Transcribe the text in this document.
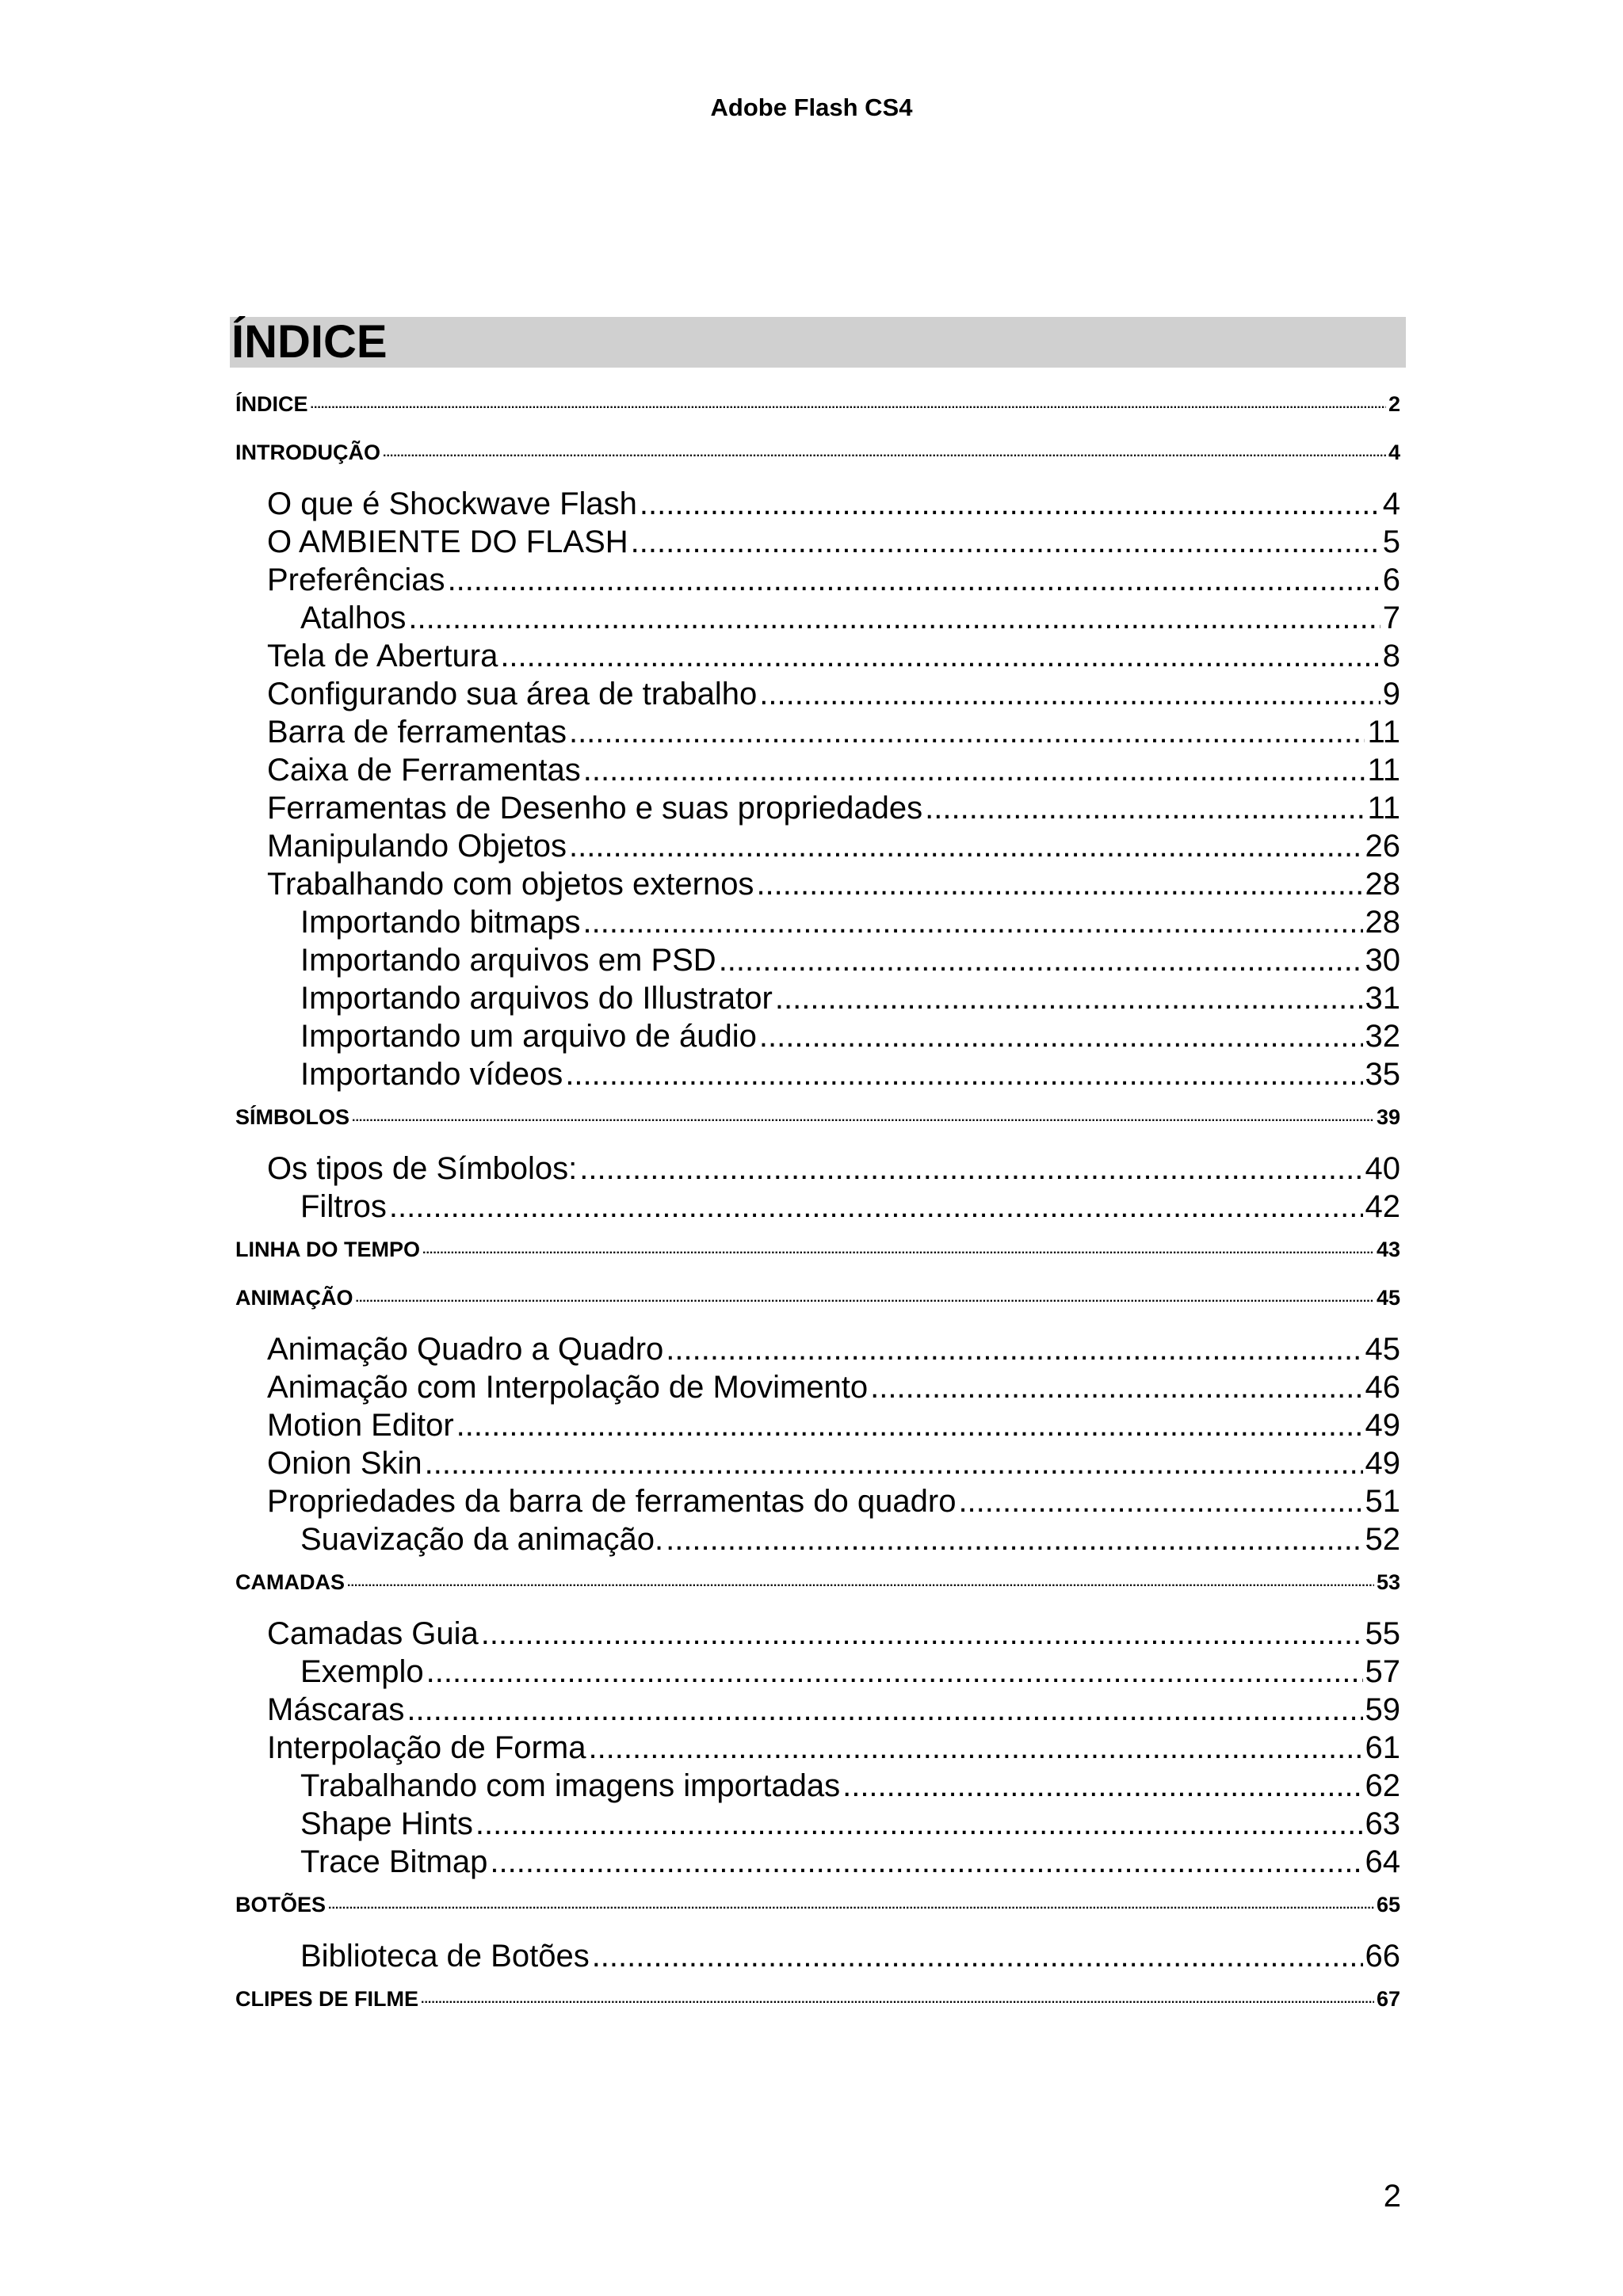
Adobe Flash CS4
ÍNDICE
ÍNDICE .....	2
INTRODUÇÃO .....	4
O que é Shockwave Flash .....	4
O AMBIENTE DO FLASH .....	5
Preferências .....	6
Atalhos .....	7
Tela de Abertura .....	8
Configurando sua área de trabalho .....	9
Barra de ferramentas .....	11
Caixa de Ferramentas .....	11
Ferramentas de Desenho e suas propriedades .....	11
Manipulando Objetos .....	26
Trabalhando com objetos externos .....	28
Importando bitmaps .....	28
Importando arquivos em PSD .....	30
Importando arquivos do Illustrator .....	31
Importando um arquivo de áudio .....	32
Importando vídeos .....	35
SÍMBOLOS .....	39
Os tipos de Símbolos: .....	40
Filtros .....	42
LINHA DO TEMPO .....	43
ANIMAÇÃO .....	45
Animação Quadro a Quadro .....	45
Animação com Interpolação de Movimento .....	46
Motion Editor .....	49
Onion Skin .....	49
Propriedades da barra de ferramentas do quadro .....	51
Suavização da animação. .....	52
CAMADAS .....	53
Camadas Guia .....	55
Exemplo .....	57
Máscaras .....	59
Interpolação de Forma .....	61
Trabalhando com imagens importadas .....	62
Shape Hints .....	63
Trace Bitmap .....	64
BOTÕES .....	65
Biblioteca de Botões .....	66
CLIPES DE FILME .....	67
2
